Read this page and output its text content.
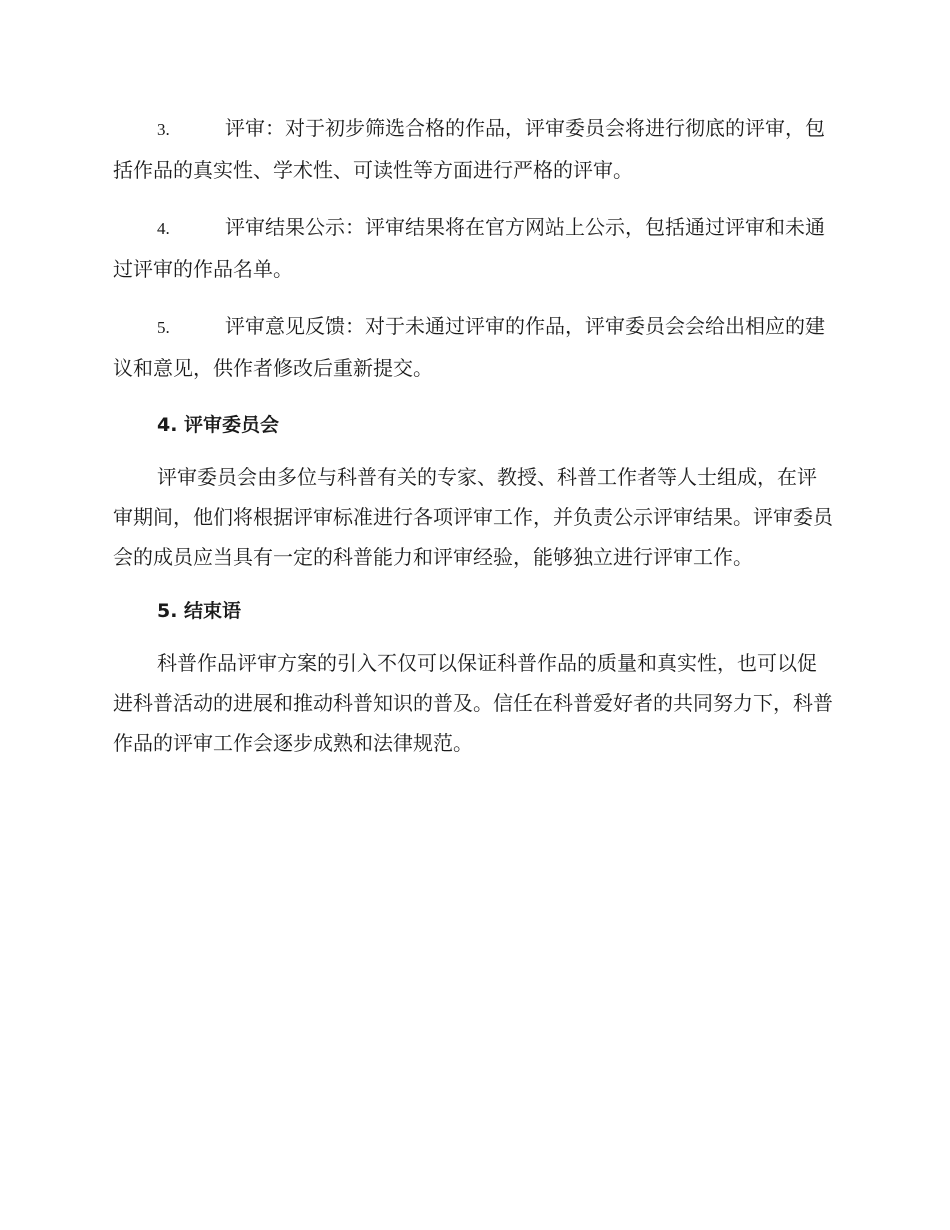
3.	评审：对于初步筛选合格的作品，评审委员会将进行彻底的评审，包括作品的真实性、学术性、可读性等方面进行严格的评审。

4.	评审结果公示：评审结果将在官方网站上公示，包括通过评审和未通过评审的作品名单。

5.	评审意见反馈：对于未通过评审的作品，评审委员会会给出相应的建议和意见，供作者修改后重新提交。

4. 评审委员会

评审委员会由多位与科普有关的专家、教授、科普工作者等人士组成，在评审期间，他们将根据评审标准进行各项评审工作，并负责公示评审结果。评审委员会的成员应当具有一定的科普能力和评审经验，能够独立进行评审工作。

5. 结束语

科普作品评审方案的引入不仅可以保证科普作品的质量和真实性，也可以促进科普活动的进展和推动科普知识的普及。信任在科普爱好者的共同努力下，科普作品的评审工作会逐步成熟和法律规范。
